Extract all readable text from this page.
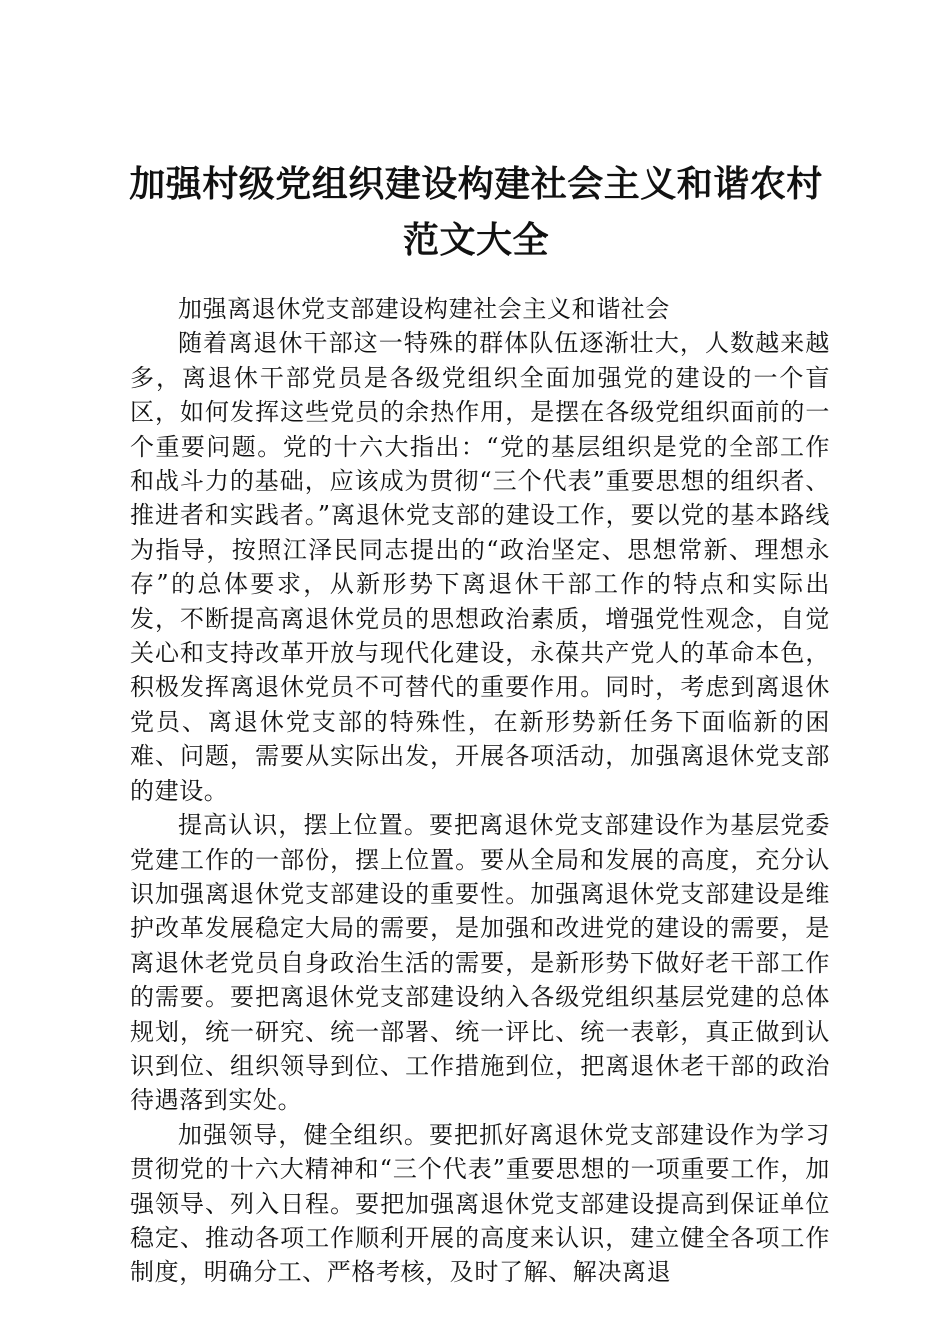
加强村级党组织建设构建社会主义和谐农村范文大全

加强离退休党支部建设构建社会主义和谐社会

随着离退休干部这一特殊的群体队伍逐渐壮大，人数越来越多，离退休干部党员是各级党组织全面加强党的建设的一个盲区，如何发挥这些党员的余热作用，是摆在各级党组织面前的一个重要问题。党的十六大指出：“党的基层组织是党的全部工作和战斗力的基础，应该成为贯彻“三个代表”重要思想的组织者、推进者和实践者。”离退休党支部的建设工作，要以党的基本路线为指导，按照江泽民同志提出的“政治坚定、思想常新、理想永存”的总体要求，从新形势下离退休干部工作的特点和实际出发，不断提高离退休党员的思想政治素质，增强党性观念，自觉关心和支持改革开放与现代化建设，永葆共产党人的革命本色，积极发挥离退休党员不可替代的重要作用。同时，考虑到离退休党员、离退休党支部的特殊性，在新形势新任务下面临新的困难、问题，需要从实际出发，开展各项活动，加强离退休党支部的建设。

提高认识，摆上位置。要把离退休党支部建设作为基层党委党建工作的一部份，摆上位置。要从全局和发展的高度，充分认识加强离退休党支部建设的重要性。加强离退休党支部建设是维护改革发展稳定大局的需要，是加强和改进党的建设的需要，是离退休老党员自身政治生活的需要，是新形势下做好老干部工作的需要。要把离退休党支部建设纳入各级党组织基层党建的总体规划，统一研究、统一部署、统一评比、统一表彰，真正做到认识到位、组织领导到位、工作措施到位，把离退休老干部的政治待遇落到实处。

加强领导，健全组织。要把抓好离退休党支部建设作为学习贯彻党的十六大精神和“三个代表”重要思想的一项重要工作，加强领导、列入日程。要把加强离退休党支部建设提高到保证单位稳定、推动各项工作顺利开展的高度来认识，建立健全各项工作制度，明确分工、严格考核，及时了解、解决离退
